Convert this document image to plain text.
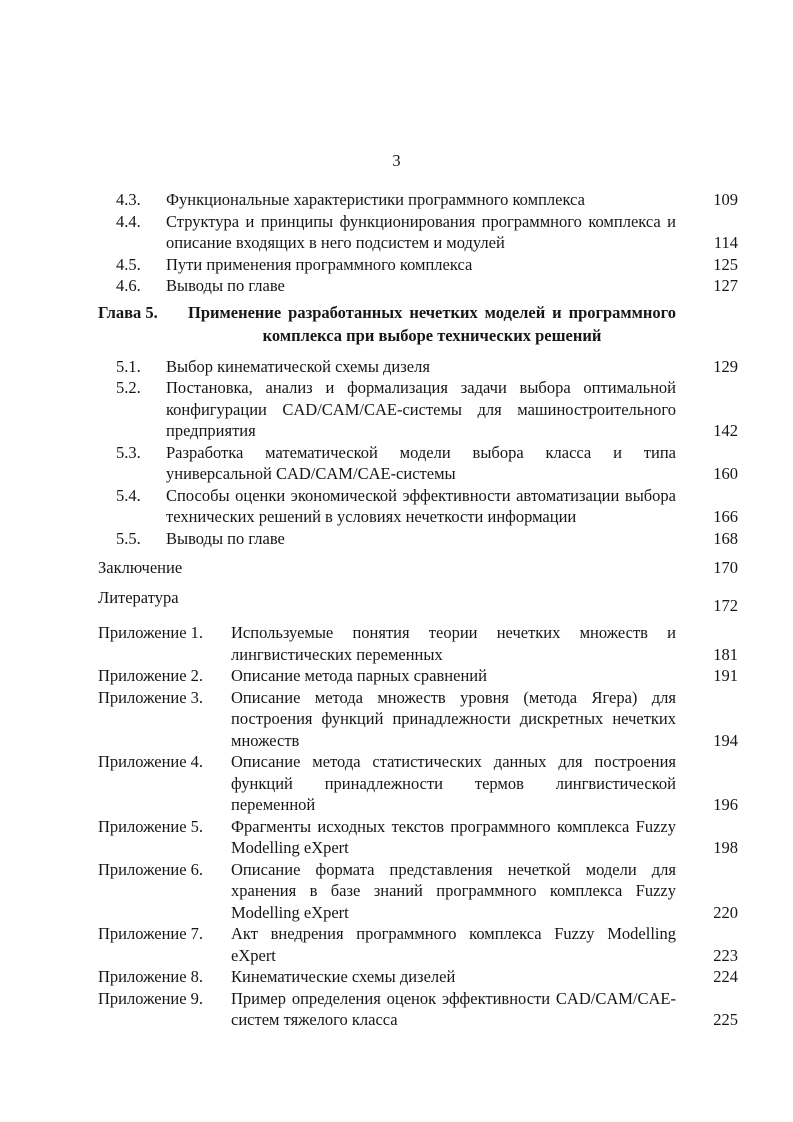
3
4.3.	Функциональные характеристики программного комплекса	109
4.4.	Структура и принципы функционирования программного комплекса и описание входящих в него подсистем и модулей	114
4.5.	Пути применения программного комплекса	125
4.6.	Выводы по главе	127
Глава 5.	Применение разработанных нечетких моделей и программного комплекса при выборе технических решений
5.1.	Выбор кинематической схемы дизеля	129
5.2.	Постановка, анализ и формализация задачи выбора оптимальной конфигурации CAD/CAM/CAE-системы для машиностроительного предприятия	142
5.3.	Разработка математической модели выбора класса и типа универсальной CAD/CAM/CAE-системы	160
5.4.	Способы оценки экономической эффективности автоматизации выбора технических решений в условиях нечеткости информации	166
5.5.	Выводы по главе	168
Заключение	170
Литература	172
Приложение 1.	Используемые понятия теории нечетких множеств и лингвистических переменных	181
Приложение 2.	Описание метода парных сравнений	191
Приложение 3.	Описание метода множеств уровня (метода Ягера) для построения функций принадлежности дискретных нечетких множеств	194
Приложение 4.	Описание метода статистических данных для построения функций принадлежности термов лингвистической переменной	196
Приложение 5.	Фрагменты исходных текстов программного комплекса Fuzzy Modelling eXpert	198
Приложение 6.	Описание формата представления нечеткой модели для хранения в базе знаний программного комплекса Fuzzy Modelling eXpert	220
Приложение 7.	Акт внедрения программного комплекса Fuzzy Modelling eXpert	223
Приложение 8.	Кинематические схемы дизелей	224
Приложение 9.	Пример определения оценок эффективности CAD/CAM/CAE-систем тяжелого класса	225
